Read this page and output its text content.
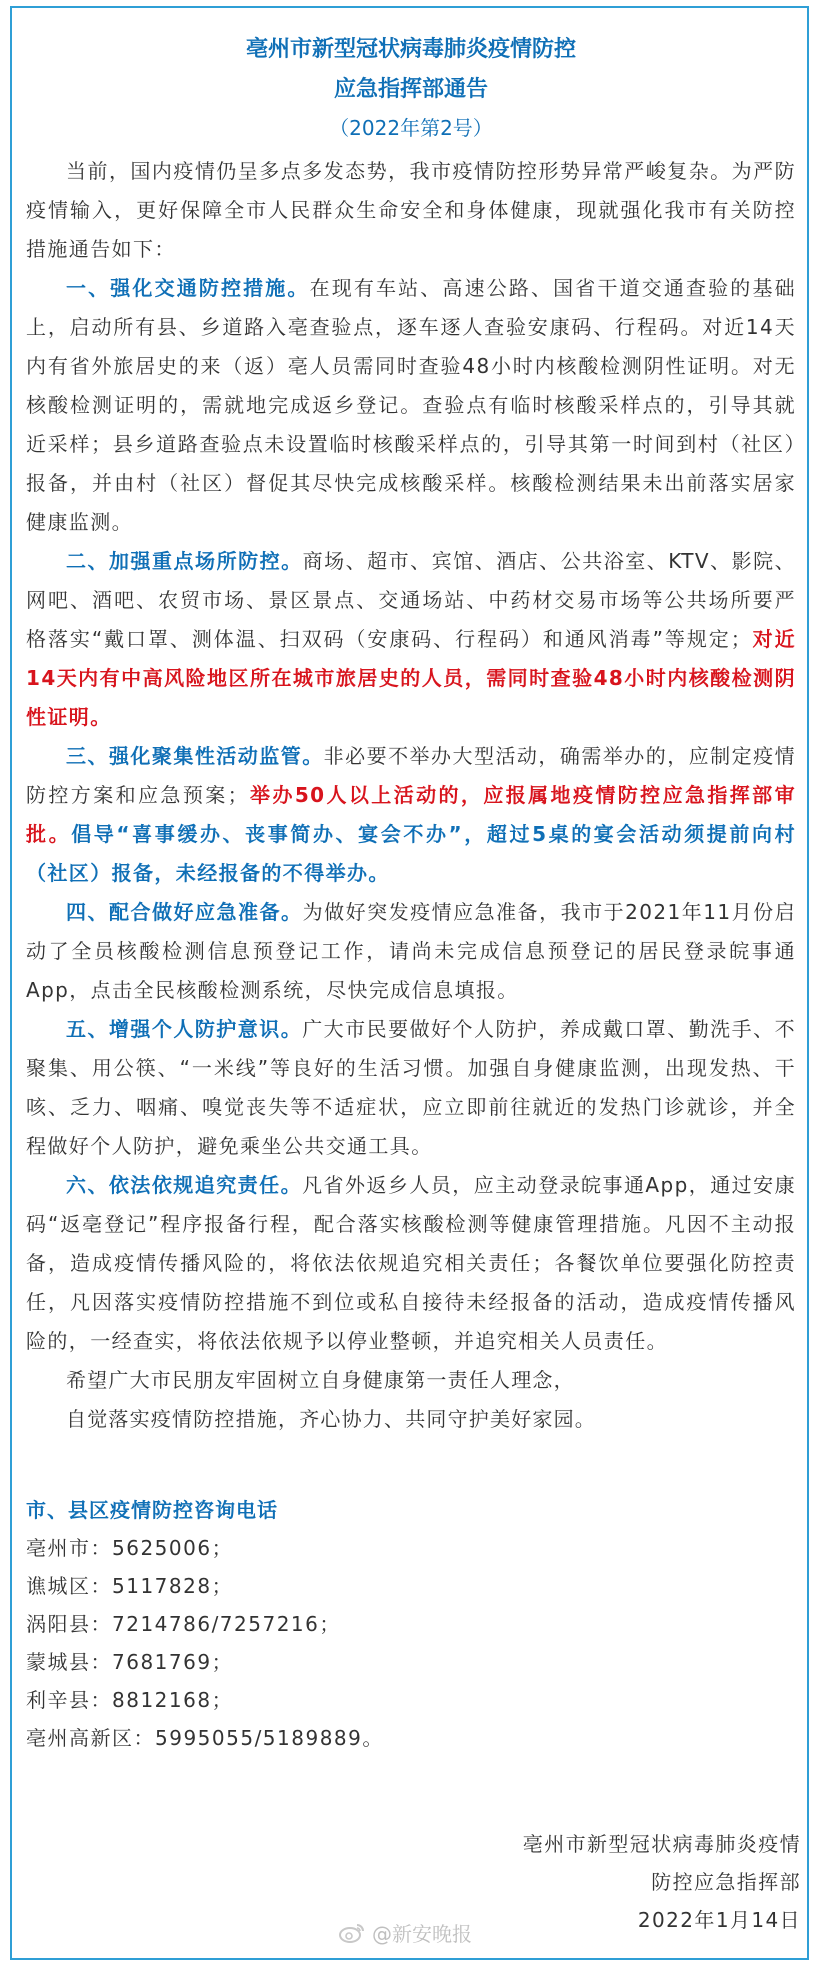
亳州市新型冠状病毒肺炎疫情防控
应急指挥部通告
（2022年第2号）

当前，国内疫情仍呈多点多发态势，我市疫情防控形势异常严峻复杂。为严防疫情输入，更好保障全市人民群众生命安全和身体健康，现就强化我市有关防控措施通告如下：

一、强化交通防控措施。在现有车站、高速公路、国省干道交通查验的基础上，启动所有县、乡道路入亳查验点，逐车逐人查验安康码、行程码。对近14天内有省外旅居史的来（返）亳人员需同时查验48小时内核酸检测阴性证明。对无核酸检测证明的，需就地完成返乡登记。查验点有临时核酸采样点的，引导其就近采样；县乡道路查验点未设置临时核酸采样点的，引导其第一时间到村（社区）报备，并由村（社区）督促其尽快完成核酸采样。核酸检测结果未出前落实居家健康监测。

二、加强重点场所防控。商场、超市、宾馆、酒店、公共浴室、KTV、影院、网吧、酒吧、农贸市场、景区景点、交通场站、中药材交易市场等公共场所要严格落实“戴口罩、测体温、扫双码（安康码、行程码）和通风消毒”等规定；对近14天内有中高风险地区所在城市旅居史的人员，需同时查验48小时内核酸检测阴性证明。

三、强化聚集性活动监管。非必要不举办大型活动，确需举办的，应制定疫情防控方案和应急预案；举办50人以上活动的，应报属地疫情防控应急指挥部审批。倡导“喜事缓办、丧事简办、宴会不办”，超过5桌的宴会活动须提前向村（社区）报备，未经报备的不得举办。

四、配合做好应急准备。为做好突发疫情应急准备，我市于2021年11月份启动了全员核酸检测信息预登记工作，请尚未完成信息预登记的居民登录皖事通App，点击全民核酸检测系统，尽快完成信息填报。

五、增强个人防护意识。广大市民要做好个人防护，养成戴口罩、勤洗手、不聚集、用公筷、“一米线”等良好的生活习惯。加强自身健康监测，出现发热、干咳、乏力、咽痛、嗅觉丧失等不适症状，应立即前往就近的发热门诊就诊，并全程做好个人防护，避免乘坐公共交通工具。

六、依法依规追究责任。凡省外返乡人员，应主动登录皖事通App，通过安康码“返亳登记”程序报备行程，配合落实核酸检测等健康管理措施。凡因不主动报备，造成疫情传播风险的，将依法依规追究相关责任；各餐饮单位要强化防控责任，凡因落实疫情防控措施不到位或私自接待未经报备的活动，造成疫情传播风险的，一经查实，将依法依规予以停业整顿，并追究相关人员责任。

希望广大市民朋友牢固树立自身健康第一责任人理念，

自觉落实疫情防控措施，齐心协力、共同守护美好家园。

市、县区疫情防控咨询电话
亳州市：5625006；
谯城区：5117828；
涡阳县：7214786/7257216；
蒙城县：7681769；
利辛县：8812168；
亳州高新区：5995055/5189889。
亳州市新型冠状病毒肺炎疫情
防控应急指挥部
2022年1月14日
@新安晚报
